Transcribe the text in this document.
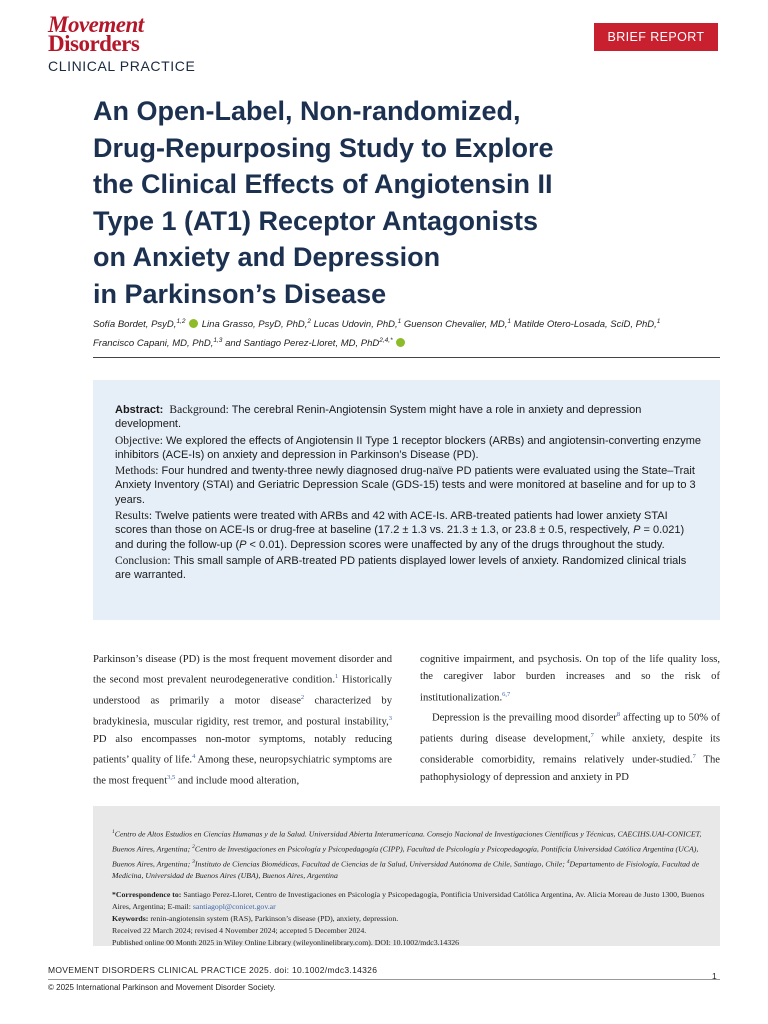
Movement
Disorders
CLINICAL PRACTICE
BRIEF REPORT
An Open-Label, Non-randomized,
Drug-Repurposing Study to Explore
the Clinical Effects of Angiotensin II
Type 1 (AT1) Receptor Antagonists
on Anxiety and Depression
in Parkinson’s Disease
Sofía Bordet, PsyD,$^{1,2}$  Lina Grasso, PsyD, PhD,$^2$ Lucas Udovin, PhD,$^1$ Guenson Chevalier, MD,$^1$ Matilde Otero-Losada, SciD, PhD,$^1$
Francisco Capani, MD, PhD,$^{1,3}$ and Santiago Perez-Lloret, MD, PhD$^{2,4,*}$

Abstract: Background: The cerebral Renin-Angiotensin System might have a role in anxiety and depression development.

Objective: We explored the effects of Angiotensin II Type 1 receptor blockers (ARBs) and angiotensin-converting enzyme inhibitors (ACE-Is) on anxiety and depression in Parkinson’s Disease (PD).

Methods: Four hundred and twenty-three newly diagnosed drug-naïve PD patients were evaluated using the State–Trait Anxiety Inventory (STAI) and Geriatric Depression Scale (GDS-15) tests and were monitored at baseline and for up to 3 years.

Results: Twelve patients were treated with ARBs and 42 with ACE-Is. ARB-treated patients had lower anxiety STAI scores than those on ACE-Is or drug-free at baseline (17.2 ± 1.3 vs. 21.3 ± 1.3, or 23.8 ± 0.5, respectively, P = 0.021) and during the follow-up (P < 0.01). Depression scores were unaffected by any of the drugs throughout the study.

Conclusion: This small sample of ARB-treated PD patients displayed lower levels of anxiety. Randomized clinical trials are warranted.

Parkinson’s disease (PD) is the most frequent movement disorder and the second most prevalent neurodegenerative condition.$^1$ Historically understood as primarily a motor disease$^2$ characterized by bradykinesia, muscular rigidity, rest tremor, and postural instability,$^3$ PD also encompasses non-motor symptoms, notably reducing patients’ quality of life.$^4$ Among these, neuropsychiatric symptoms are the most frequent$^{3,5}$ and include mood alteration,

cognitive impairment, and psychosis. On top of the life quality loss, the caregiver labor burden increases and so the risk of institutionalization.$^{6,7}$

Depression is the prevailing mood disorder$^8$ affecting up to 50% of patients during disease development,$^7$ while anxiety, despite its considerable comorbidity, remains relatively under-studied.$^7$ The pathophysiology of depression and anxiety in PD

$^1$Centro de Altos Estudios en Ciencias Humanas y de la Salud. Universidad Abierta Interamericana. Consejo Nacional de Investigaciones Científicas y Técnicas, CAECIHS.UAI-CONICET, Buenos Aires, Argentina; $^2$Centro de Investigaciones en Psicología y Psicopedagogía (CIPP), Facultad de Psicología y Psicopedagogía, Pontificia Universidad Católica Argentina (UCA), Buenos Aires, Argentina; $^3$Instituto de Ciencias Biomédicas, Facultad de Ciencias de la Salud, Universidad Autónoma de Chile, Santiago, Chile; $^4$Departamento de Fisiología, Facultad de Medicina, Universidad de Buenos Aires (UBA), Buenos Aires, Argentina

*Correspondence to: Santiago Perez-Lloret, Centro de Investigaciones en Psicología y Psicopedagogía, Pontificia Universidad Católica Argentina, Av. Alicia Moreau de Justo 1300, Buenos Aires, Argentina; E-mail: santiagopl@conicet.gov.ar

Keywords: renin-angiotensin system (RAS), Parkinson’s disease (PD), anxiety, depression.

Received 22 March 2024; revised 4 November 2024; accepted 5 December 2024.

Published online 00 Month 2025 in Wiley Online Library (wileyonlinelibrary.com). DOI: 10.1002/mdc3.14326

MOVEMENT DISORDERS CLINICAL PRACTICE 2025. doi: 10.1002/mdc3.14326
1
© 2025 International Parkinson and Movement Disorder Society.
